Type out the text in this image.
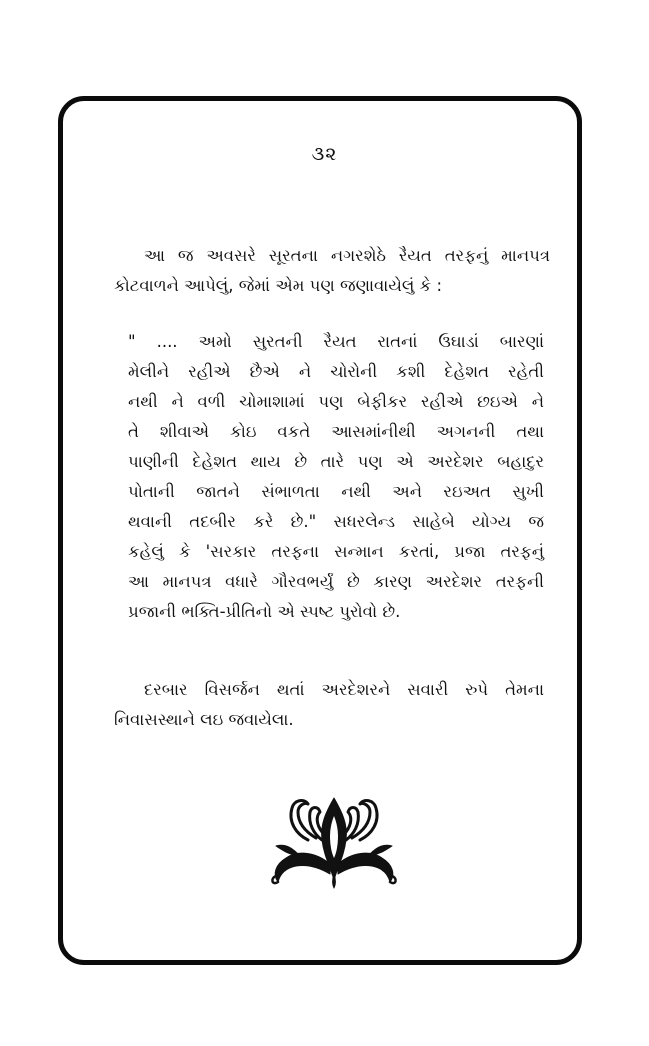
૩૨

આ જ અવસરે સૂરતના નગરશેઠે રૈયત તરફનું માનપત્ર
કોટવાળને આપેલું, જેમાં એમ પણ જણાવાયેલું કે :

" .... અમો સુરતની રૈયત રાતનાં ઉઘાડાં બારણાં
મેલીને રહીએ છૈએ ને ચોરોની કશી દેહેશત રહેતી
નથી ને વળી ચોમાશામાં પણ બેફીકર રહીએ છઇએ ને
તે શીવાએ કોઇ વકતે આસમાંનીથી અગનની તથા
પાણીની દેહેશત થાય છે તારે પણ એ અરદેશર બહાદુર
પોતાની જાતને સંભાળતા નથી અને રઇઅત સુખી
થવાની તદબીર કરે છે." સધરલેન્ડ સાહેબે યોગ્ય જ
કહેલું કે 'સરકાર તરફના સન્માન કરતાં, પ્રજા તરફનું
આ માનપત્ર વધારે ગૌરવભર્યું છે કારણ અરદેશર તરફની
પ્રજાની ભક્તિ-પ્રીતિનો એ સ્પષ્ટ પુરોવો છે.

દરબાર વિસર્જન થતાં અરદેશરને સવારી રુપે તેમના
નિવાસસ્થાને લઇ જવાયેલા.
